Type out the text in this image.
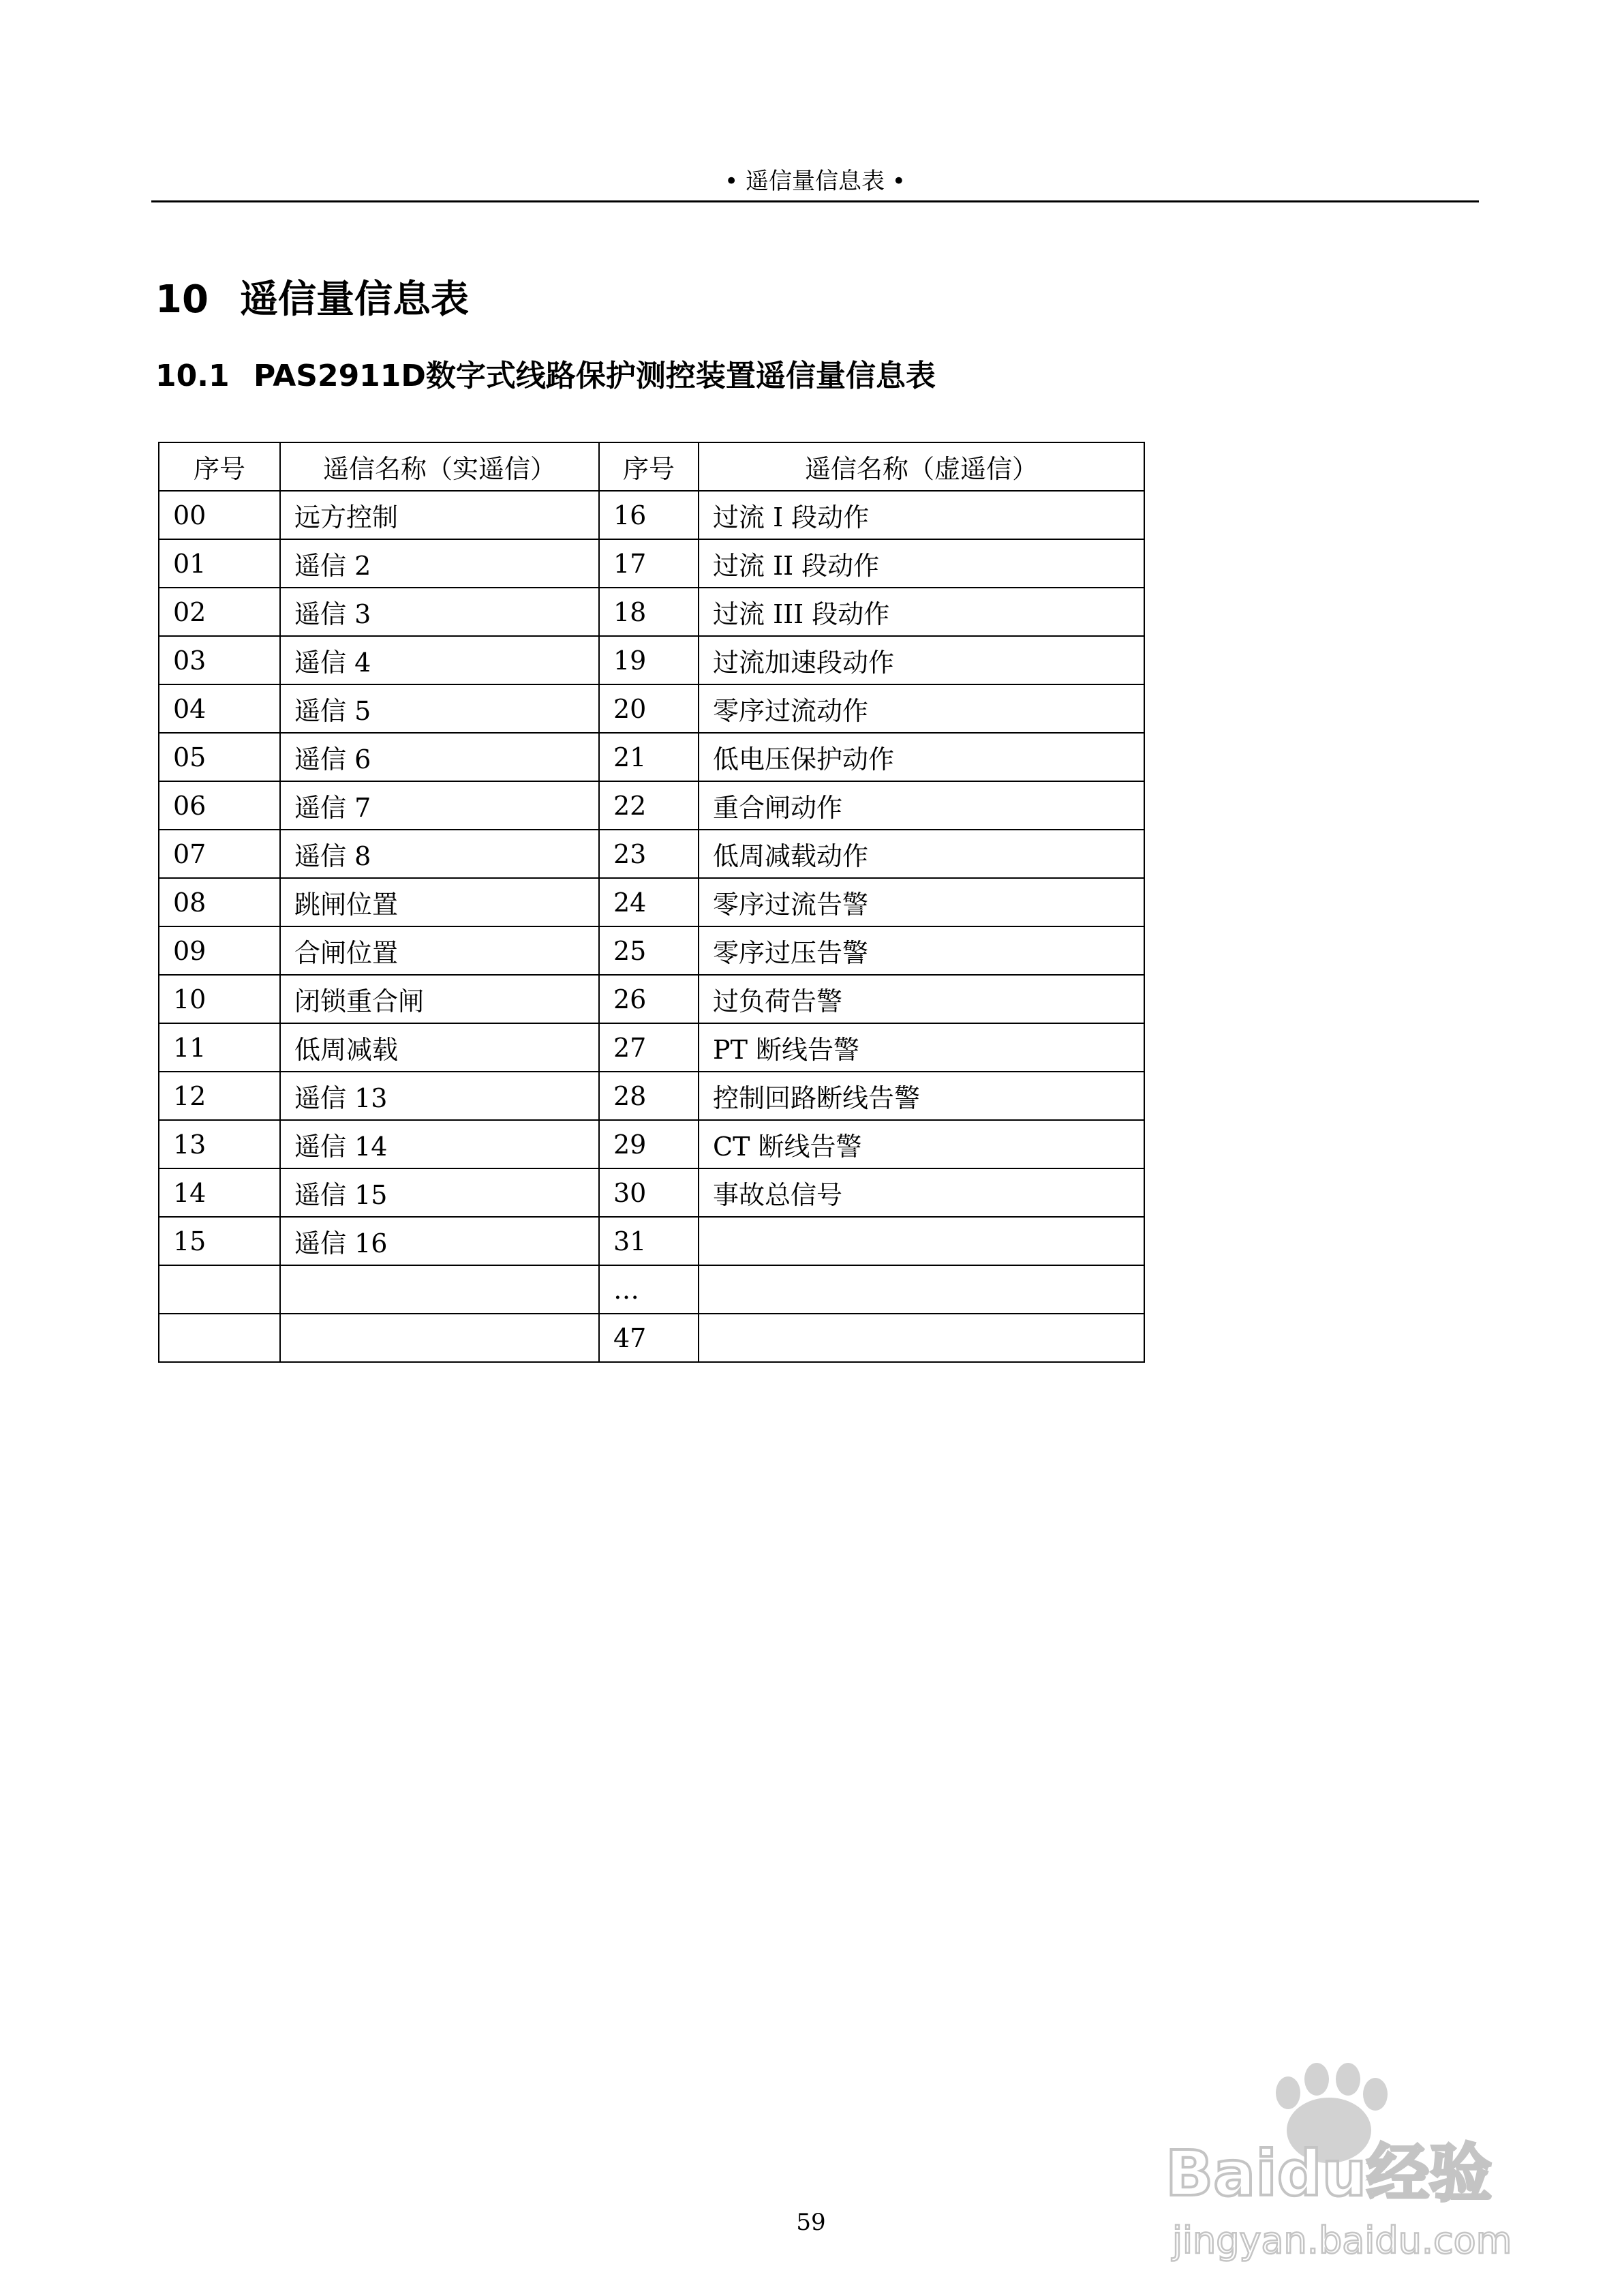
• 遥信量信息表 •
10 遥信量信息表
10.1 PAS2911D数字式线路保护测控装置遥信量信息表
序号	遥信名称（实遥信）	序号	遥信名称（虚遥信）
00	远方控制	16	过流 I 段动作
01	遥信 2	17	过流 II 段动作
02	遥信 3	18	过流 III 段动作
03	遥信 4	19	过流加速段动作
04	遥信 5	20	零序过流动作
05	遥信 6	21	低电压保护动作
06	遥信 7	22	重合闸动作
07	遥信 8	23	低周减载动作
08	跳闸位置	24	零序过流告警
09	合闸位置	25	零序过压告警
10	闭锁重合闸	26	过负荷告警
11	低周减载	27	PT 断线告警
12	遥信 13	28	控制回路断线告警
13	遥信 14	29	CT 断线告警
14	遥信 15	30	事故总信号
15	遥信 16	31	
		…	
		47	
59
Baidu经验
jingyan.baidu.com
